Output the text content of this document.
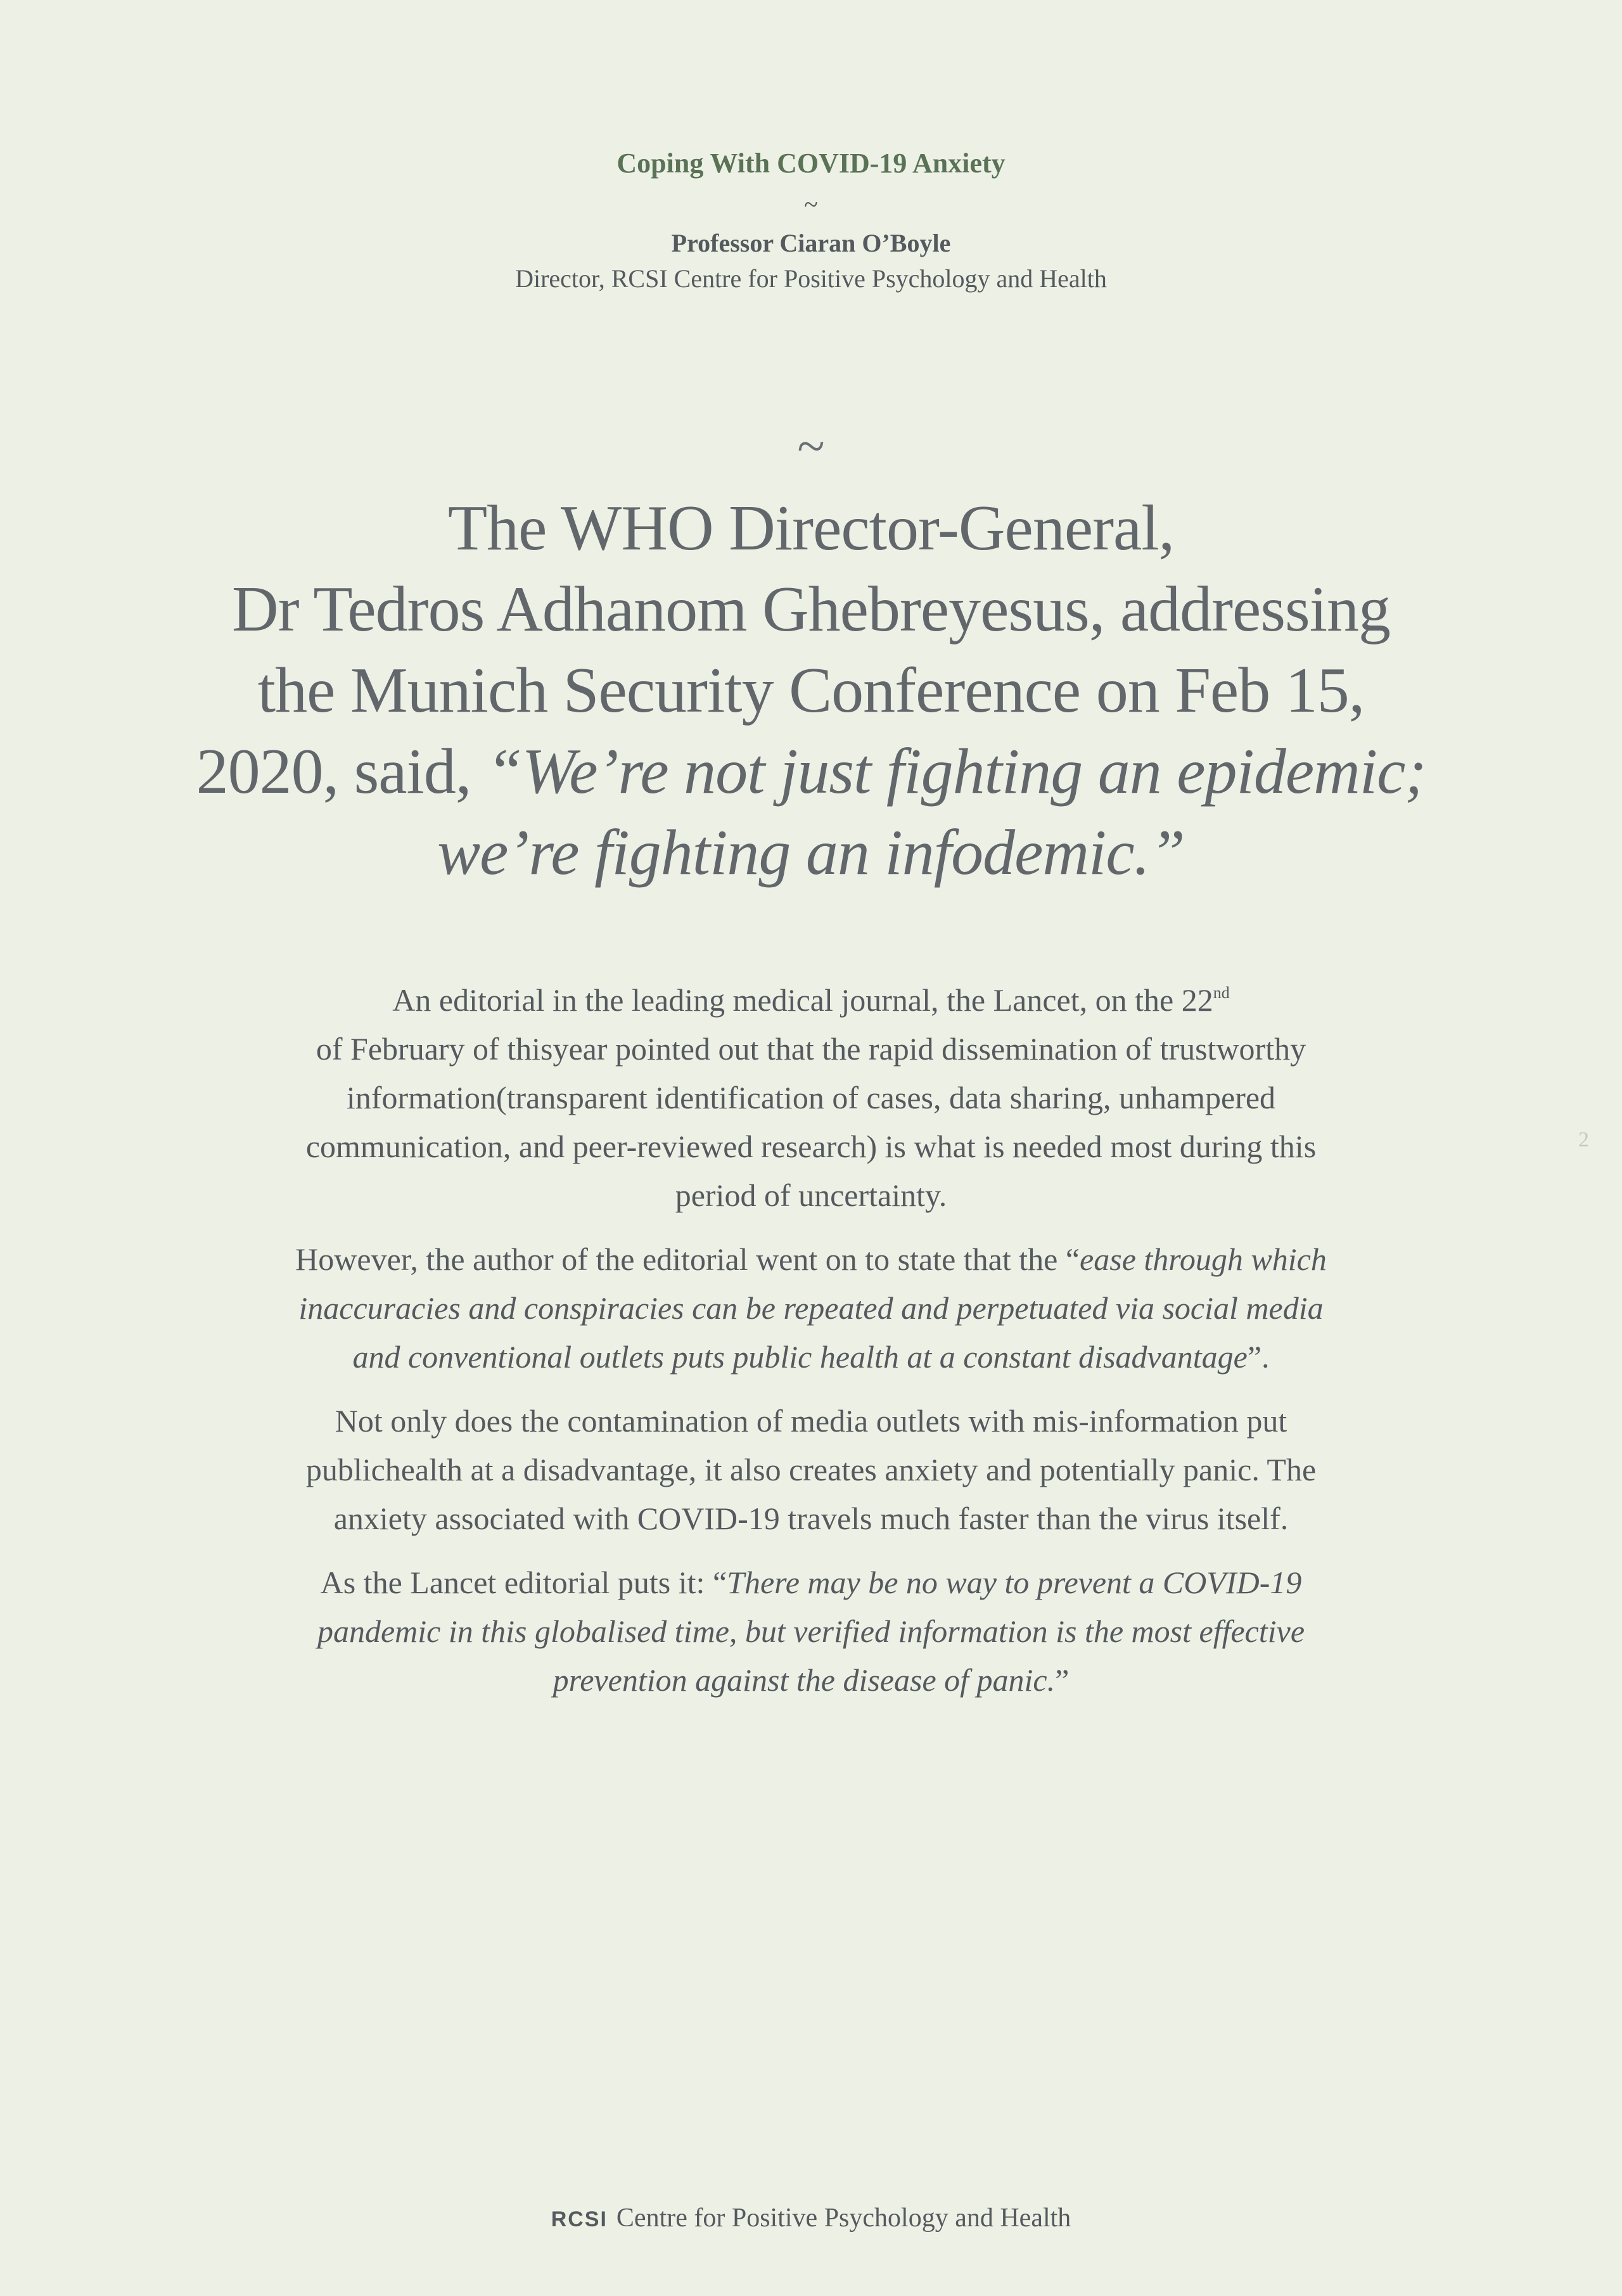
Coping With COVID-19 Anxiety
~
Professor Ciaran O’Boyle
Director, RCSI Centre for Positive Psychology and Health
~
The WHO Director-General,
Dr Tedros Adhanom Ghebreyesus, addressing
the Munich Security Conference on Feb 15,
2020, said, “We’re not just fighting an epidemic;
we’re fighting an infodemic.”

An editorial in the leading medical journal, the Lancet, on the 22nd
of February of thisyear pointed out that the rapid dissemination of trustworthy information(transparent identification of cases, data sharing, unhampered communication, and peer-reviewed research) is what is needed most during this period of uncertainty.

However, the author of the editorial went on to state that the “ease through which inaccuracies and conspiracies can be repeated and perpetuated via social media and conventional outlets puts public health at a constant disadvantage”.

Not only does the contamination of media outlets with mis-information put publichealth at a disadvantage, it also creates anxiety and potentially panic. The anxiety associated with COVID-19 travels much faster than the virus itself.

As the Lancet editorial puts it: “There may be no way to prevent a COVID-19 pandemic in this globalised time, but verified information is the most effective prevention against the disease of panic.”

2
RCSI Centre for Positive Psychology and Health
